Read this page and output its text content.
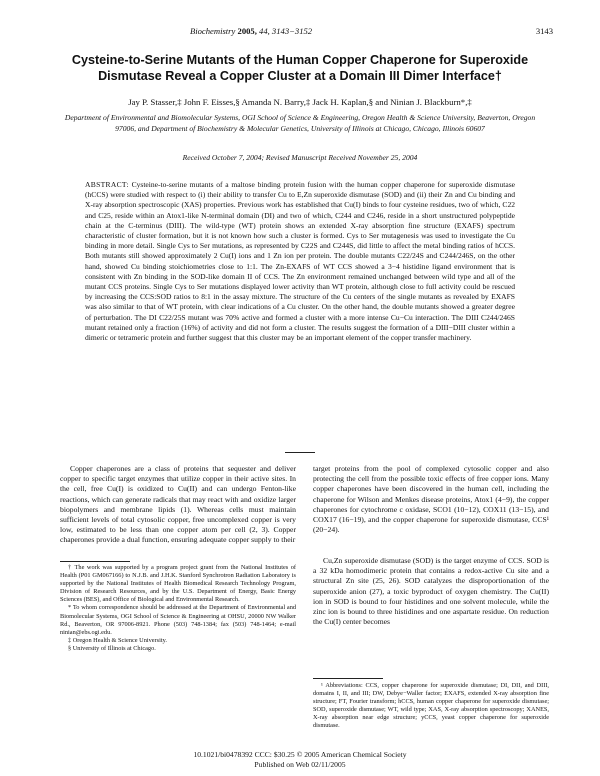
Biochemistry 2005, 44, 3143−3152	3143
Cysteine-to-Serine Mutants of the Human Copper Chaperone for Superoxide Dismutase Reveal a Copper Cluster at a Domain III Dimer Interface†
Jay P. Stasser,‡ John F. Eisses,§ Amanda N. Barry,‡ Jack H. Kaplan,§ and Ninian J. Blackburn*,‡
Department of Environmental and Biomolecular Systems, OGI School of Science & Engineering, Oregon Health & Science University, Beaverton, Oregon 97006, and Department of Biochemistry & Molecular Genetics, University of Illinois at Chicago, Chicago, Illinois 60607
Received October 7, 2004; Revised Manuscript Received November 25, 2004
ABSTRACT: Cysteine-to-serine mutants of a maltose binding protein fusion with the human copper chaperone for superoxide dismutase (hCCS) were studied with respect to (i) their ability to transfer Cu to E,Zn superoxide dismutase (SOD) and (ii) their Zn and Cu binding and X-ray absorption spectroscopic (XAS) properties. Previous work has established that Cu(I) binds to four cysteine residues, two of which, C22 and C25, reside within an Atox1-like N-terminal domain (DI) and two of which, C244 and C246, reside in a short unstructured polypeptide chain at the C-terminus (DIII). The wild-type (WT) protein shows an extended X-ray absorption fine structure (EXAFS) spectrum characteristic of cluster formation, but it is not known how such a cluster is formed. Cys to Ser mutagenesis was used to investigate the Cu binding in more detail. Single Cys to Ser mutations, as represented by C22S and C244S, did little to affect the metal binding ratios of hCCS. Both mutants still showed approximately 2 Cu(I) ions and 1 Zn ion per protein. The double mutants C22/24S and C244/246S, on the other hand, showed Cu binding stoichiometries close to 1:1. The Zn-EXAFS of WT CCS showed a 3−4 histidine ligand environment that is consistent with Zn binding in the SOD-like domain II of CCS. The Zn environment remained unchanged between wild type and all of the mutant CCS proteins. Single Cys to Ser mutations displayed lower activity than WT protein, although close to full activity could be rescued by increasing the CCS:SOD ratios to 8:1 in the assay mixture. The structure of the Cu centers of the single mutants as revealed by EXAFS was also similar to that of WT protein, with clear indications of a Cu cluster. On the other hand, the double mutants showed a greater degree of perturbation. The DI C22/25S mutant was 70% active and formed a cluster with a more intense Cu−Cu interaction. The DIII C244/246S mutant retained only a fraction (16%) of activity and did not form a cluster. The results suggest the formation of a DIII−DIII cluster within a dimeric or tetrameric protein and further suggest that this cluster may be an important element of the copper transfer machinery.

Copper chaperones are a class of proteins that sequester and deliver copper to specific target enzymes that utilize copper in their active sites. In the cell, free Cu(I) is oxidized to Cu(II) and can undergo Fenton-like reactions, which can generate radicals that may react with and oxidize larger biopolymers and membrane lipids (1). Whereas cells must maintain sufficient levels of total cytosolic copper, free uncomplexed copper is very low, estimated to be less than one copper atom per cell (2, 3). Copper chaperones provide a dual function, ensuring adequate copper supply to their

† The work was supported by a program project grant from the National Institutes of Health (P01 GM067166) to N.J.B. and J.H.K. Stanford Synchrotron Radiation Laboratory is supported by the National Institutes of Health Biomedical Research Technology Program, Division of Research Resources, and by the U.S. Department of Energy, Basic Energy Sciences (BES), and Office of Biological and Environmental Research.

* To whom correspondence should be addressed at the Department of Environmental and Biomolecular Systems, OGI School of Science & Engineering at OHSU, 20000 NW Walker Rd., Beaverton, OR 97006-8921. Phone (503) 748-1384; fax (503) 748-1464; e-mail ninian@ebs.ogi.edu.

‡ Oregon Health & Science University.

§ University of Illinois at Chicago.

target proteins from the pool of complexed cytosolic copper and also protecting the cell from the possible toxic effects of free copper ions. Many copper chaperones have been discovered in the human cell, including the chaperone for Wilson and Menkes disease proteins, Atox1 (4−9), the copper chaperones for cytochrome c oxidase, SCO1 (10−12), COX11 (13−15), and COX17 (16−19), and the copper chaperone for superoxide dismutase, CCS¹ (20−24).

Cu,Zn superoxide dismutase (SOD) is the target enzyme of CCS. SOD is a 32 kDa homodimeric protein that contains a redox-active Cu site and a structural Zn site (25, 26). SOD catalyzes the disproportionation of the superoxide anion (27), a toxic byproduct of oxygen chemistry. The Cu(II) ion in SOD is bound to four histidines and one solvent molecule, while the zinc ion is bound to three histidines and one aspartate residue. On reduction the Cu(I) center becomes

¹ Abbreviations: CCS, copper chaperone for superoxide dismutase; DI, DII, and DIII, domains I, II, and III; DW, Debye−Waller factor; EXAFS, extended X-ray absorption fine structure; FT, Fourier transform; hCCS, human copper chaperone for superoxide dismutase; SOD, superoxide dismutase; WT, wild type; XAS, X-ray absorption spectroscopy; XANES, X-ray absorption near edge structure; yCCS, yeast copper chaperone for superoxide dismutase.

10.1021/bi0478392 CCC: $30.25 © 2005 American Chemical Society
Published on Web 02/11/2005
